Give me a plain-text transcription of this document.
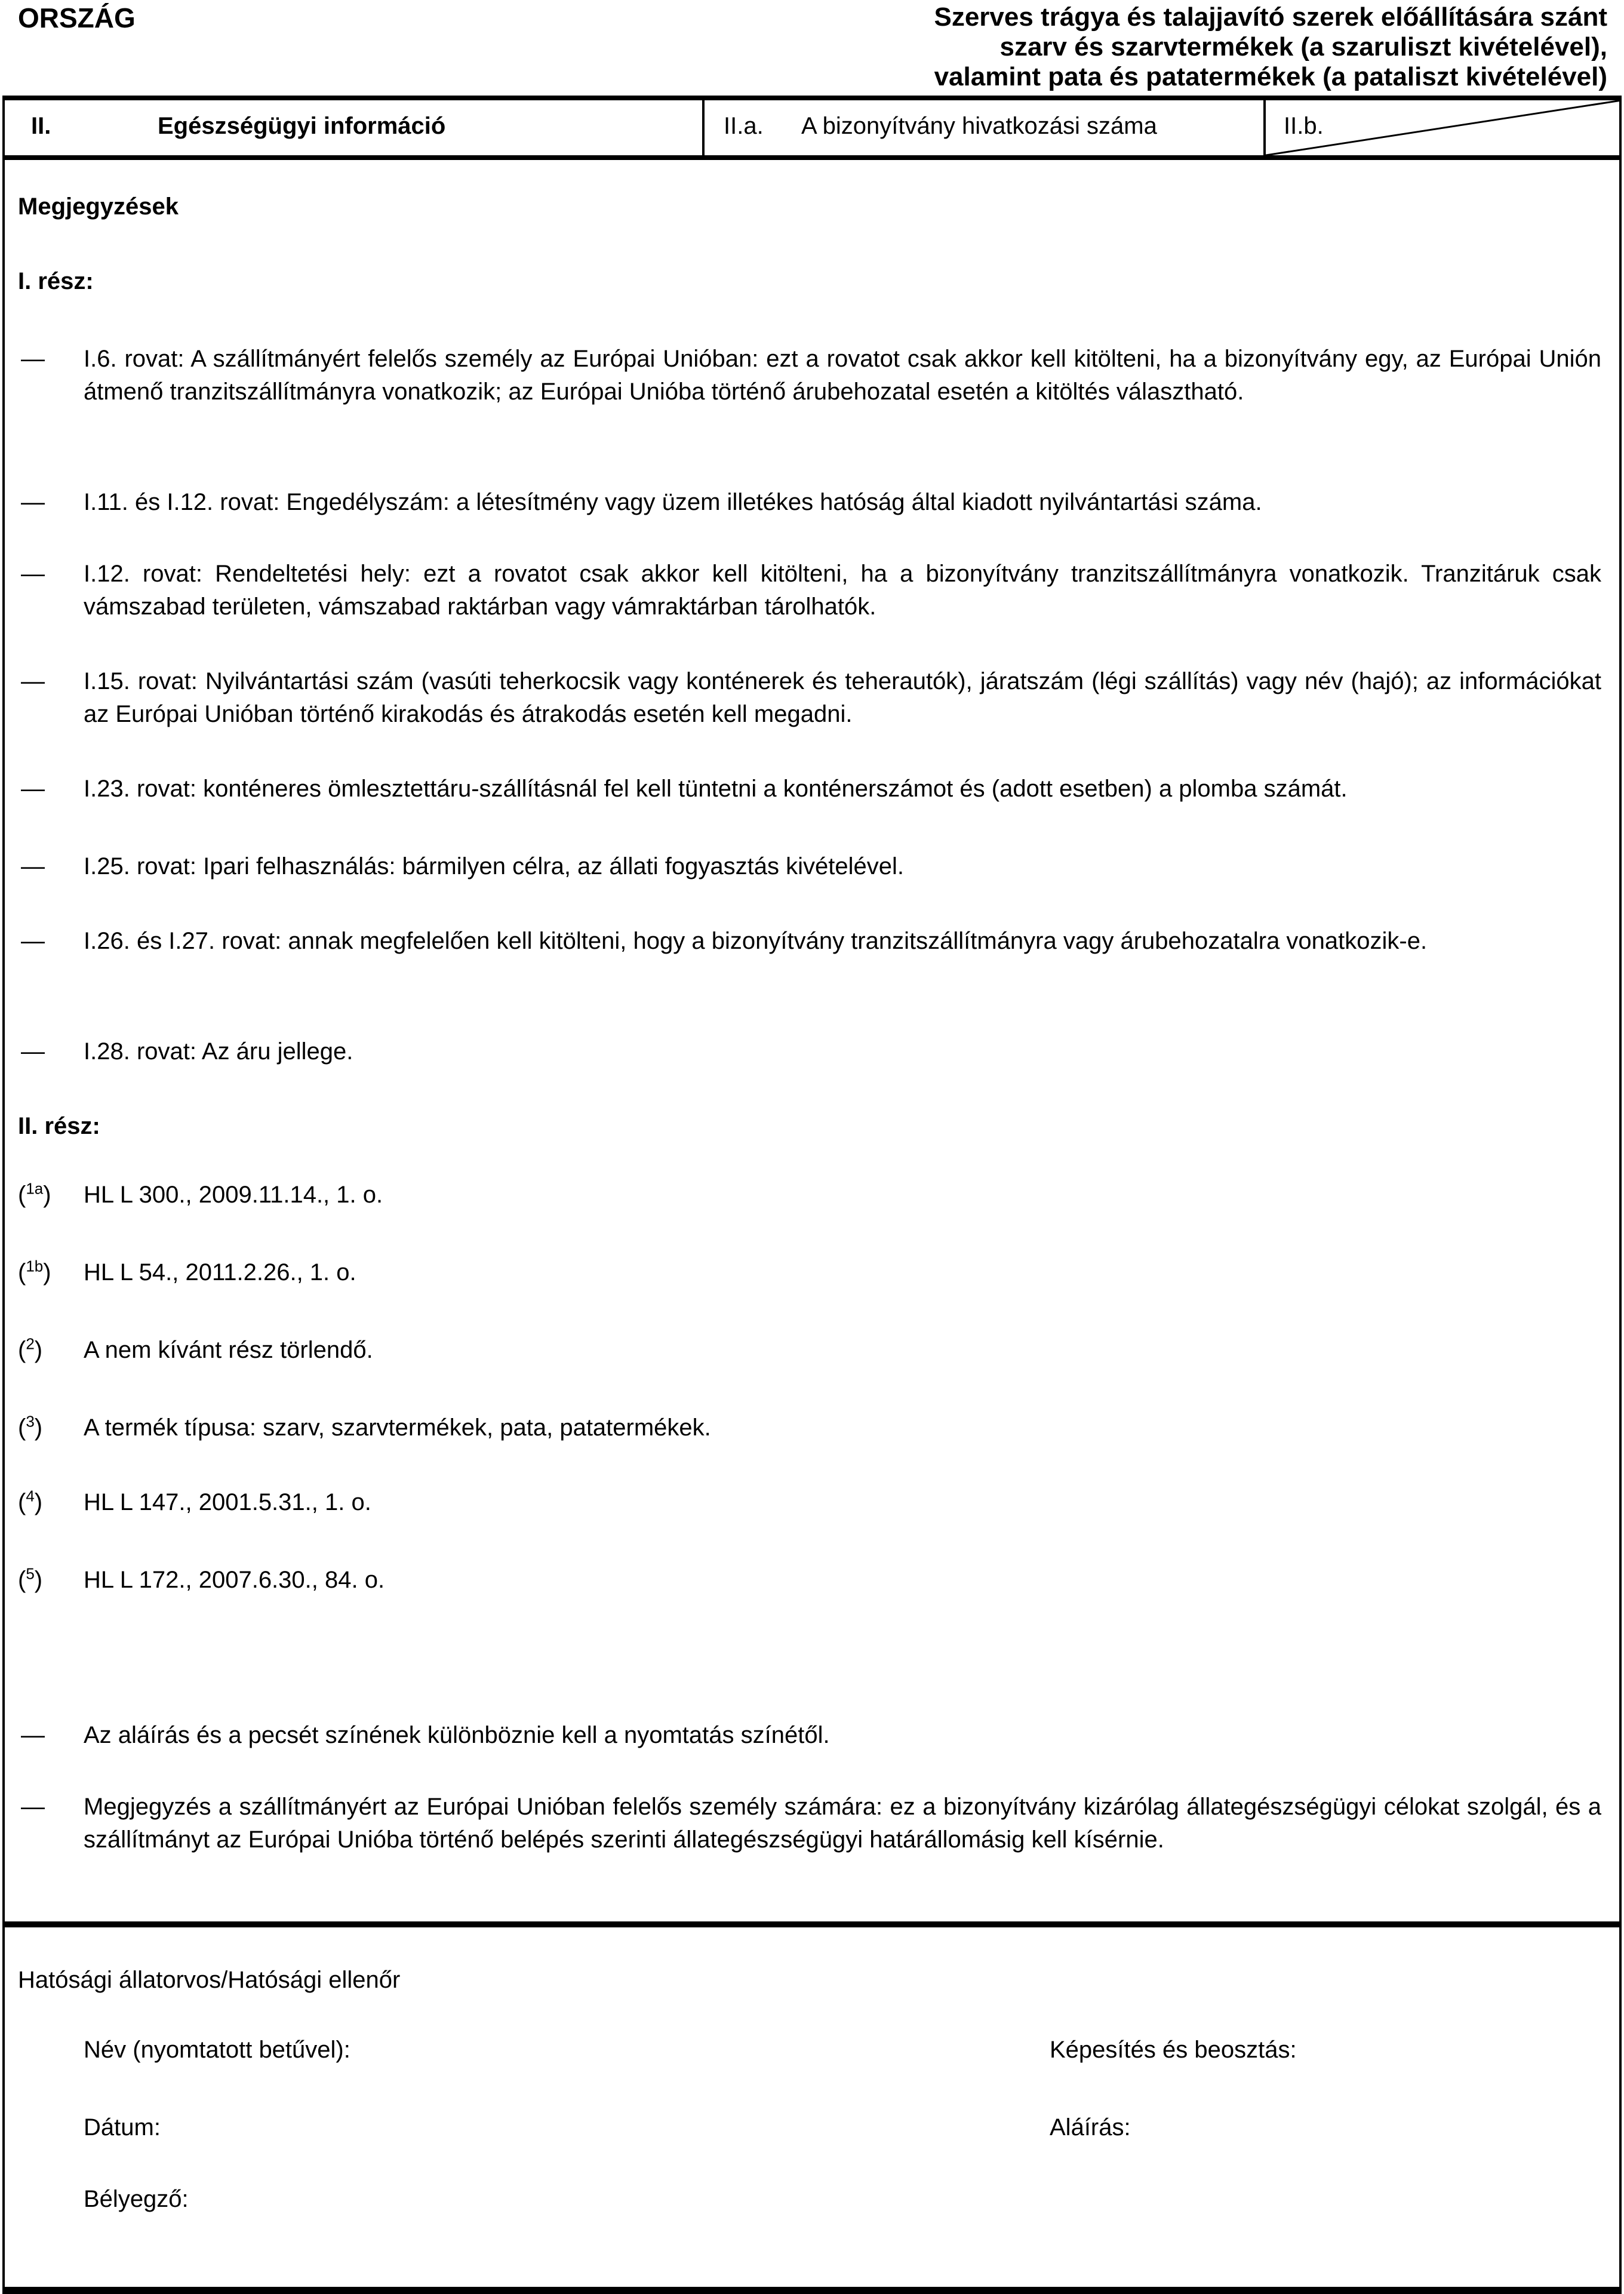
ORSZÁG	Szerves trágya és talajjavító szerek előállítására szánt
szarv és szarvtermékek (a szaruliszt kivételével),
valamint pata és patatermékek (a pataliszt kivételével)
II.	Egészségügyi információ	II.a. A bizonyítvány hivatkozási száma	II.b.
Megjegyzések
I. rész:
—	I.6. rovat: A szállítmányért felelős személy az Európai Unióban: ezt a rovatot csak akkor kell kitölteni, ha a bizonyítvány egy, az Európai Unión átmenő tranzitszállítmányra vonatkozik; az Európai Unióba történő árubehozatal esetén a kitöltés választható.
—	I.11. és I.12. rovat: Engedélyszám: a létesítmény vagy üzem illetékes hatóság által kiadott nyilvántartási száma.
—	I.12. rovat: Rendeltetési hely: ezt a rovatot csak akkor kell kitölteni, ha a bizonyítvány tranzitszállítmányra vonatkozik. Tranzitáruk csak vámszabad területen, vámszabad raktárban vagy vámraktárban tárolhatók.
—	I.15. rovat: Nyilvántartási szám (vasúti teherkocsik vagy konténerek és teherautók), járatszám (légi szállítás) vagy név (hajó); az információkat az Európai Unióban történő kirakodás és átrakodás esetén kell megadni.
—	I.23. rovat: konténeres ömlesztettáru-szállításnál fel kell tüntetni a konténerszámot és (adott esetben) a plomba számát.
—	I.25. rovat: Ipari felhasználás: bármilyen célra, az állati fogyasztás kivételével.
—	I.26. és I.27. rovat: annak megfelelően kell kitölteni, hogy a bizonyítvány tranzitszállítmányra vagy árubehozatalra vonatkozik-e.
—	I.28. rovat: Az áru jellege.
II. rész:
($^{1a}$)	HL L 300., 2009.11.14., 1. o.
($^{1b}$)	HL L 54., 2011.2.26., 1. o.
($^2$)	A nem kívánt rész törlendő.
($^3$)	A termék típusa: szarv, szarvtermékek, pata, patatermékek.
($^4$)	HL L 147., 2001.5.31., 1. o.
($^5$)	HL L 172., 2007.6.30., 84. o.
—	Az aláírás és a pecsét színének különböznie kell a nyomtatás színétől.
—	Megjegyzés a szállítmányért az Európai Unióban felelős személy számára: ez a bizonyítvány kizárólag állategészségügyi célokat szolgál, és a szállítmányt az Európai Unióba történő belépés szerinti állategészségügyi határállomásig kell kísérnie.
Hatósági állatorvos/Hatósági ellenőr
Név (nyomtatott betűvel):	Képesítés és beosztás:
Dátum:	Aláírás:
Bélyegző:
